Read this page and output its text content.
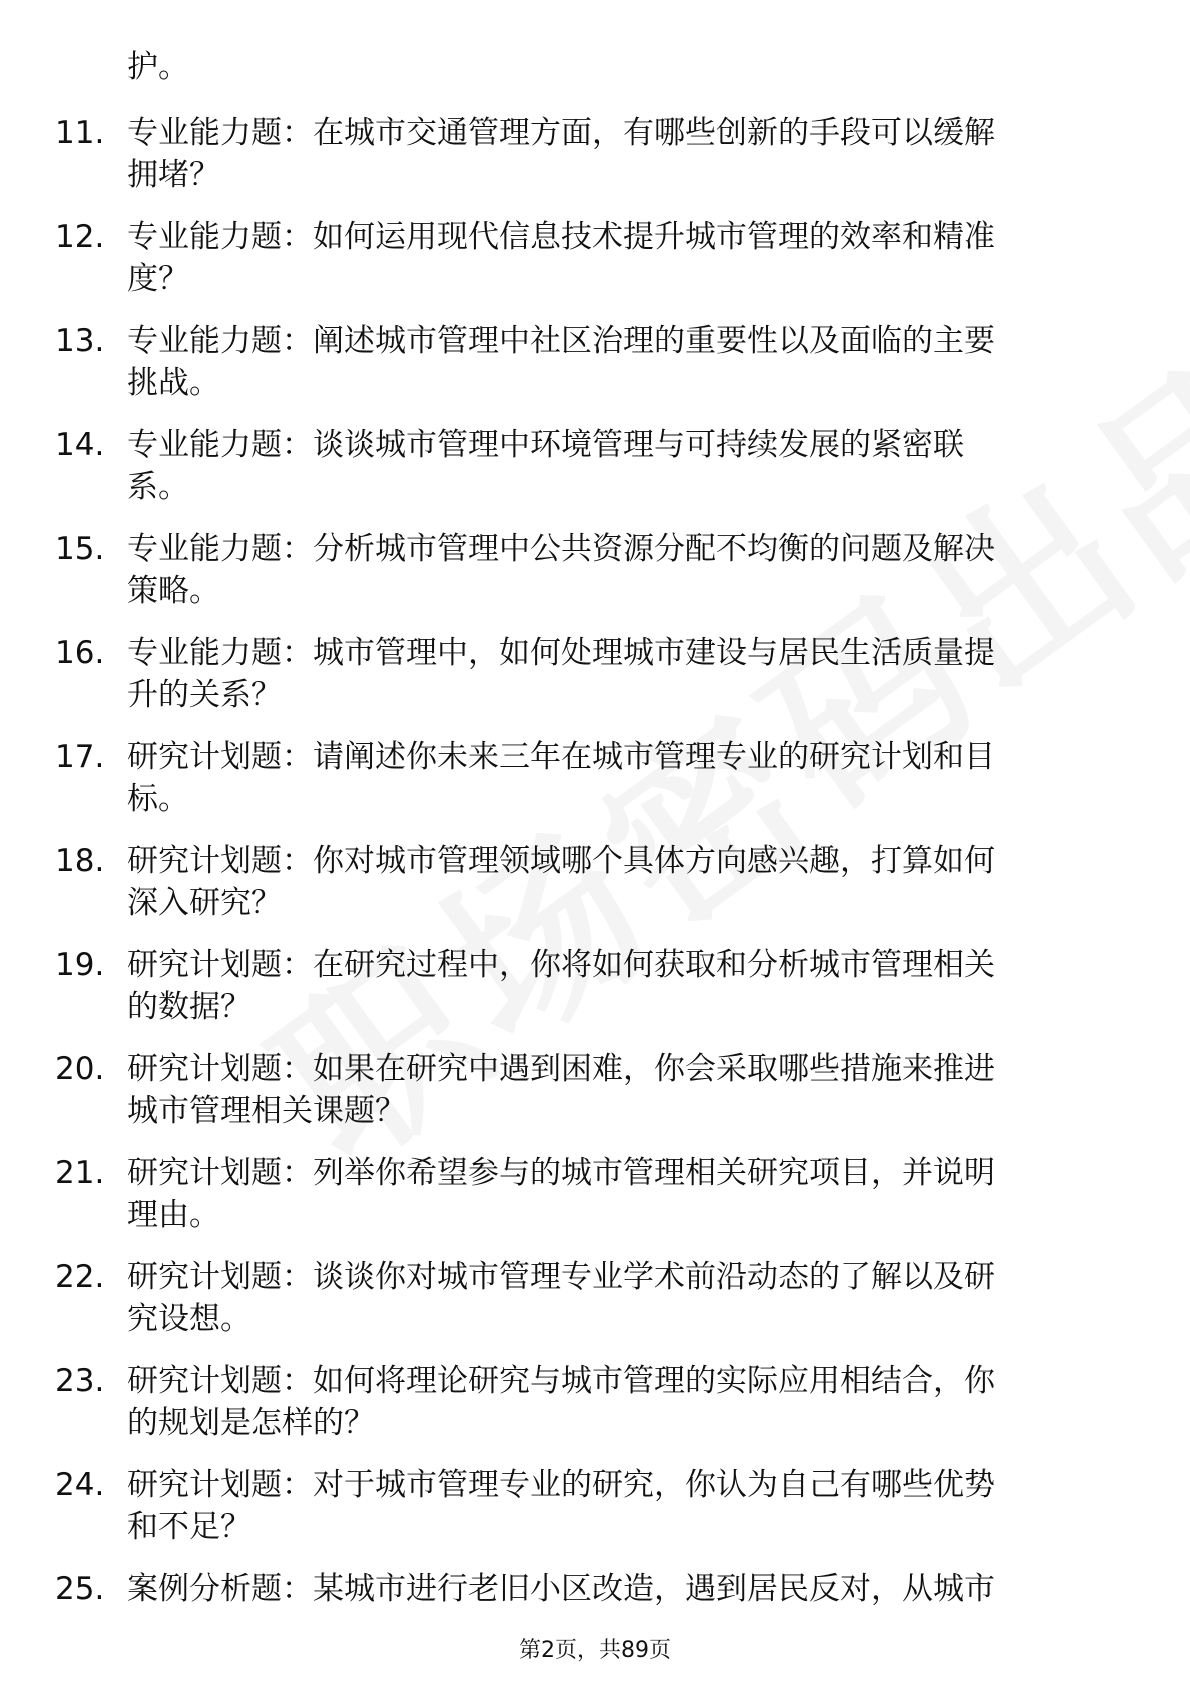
护。

11. 专业能力题：在城市交通管理方面，有哪些创新的手段可以缓解
拥堵？
12. 专业能力题：如何运用现代信息技术提升城市管理的效率和精准
度？
13. 专业能力题：阐述城市管理中社区治理的重要性以及面临的主要
挑战。
14. 专业能力题：谈谈城市管理中环境管理与可持续发展的紧密联
系。
15. 专业能力题：分析城市管理中公共资源分配不均衡的问题及解决
策略。
16. 专业能力题：城市管理中，如何处理城市建设与居民生活质量提
升的关系？
17. 研究计划题：请阐述你未来三年在城市管理专业的研究计划和目
标。
18. 研究计划题：你对城市管理领域哪个具体方向感兴趣，打算如何
深入研究？
19. 研究计划题：在研究过程中，你将如何获取和分析城市管理相关
的数据？
20. 研究计划题：如果在研究中遇到困难，你会采取哪些措施来推进
城市管理相关课题？
21. 研究计划题：列举你希望参与的城市管理相关研究项目，并说明
理由。
22. 研究计划题：谈谈你对城市管理专业学术前沿动态的了解以及研
究设想。
23. 研究计划题：如何将理论研究与城市管理的实际应用相结合，你
的规划是怎样的？
24. 研究计划题：对于城市管理专业的研究，你认为自己有哪些优势
和不足？
25. 案例分析题：某城市进行老旧小区改造，遇到居民反对，从城市
第2页，共89页
